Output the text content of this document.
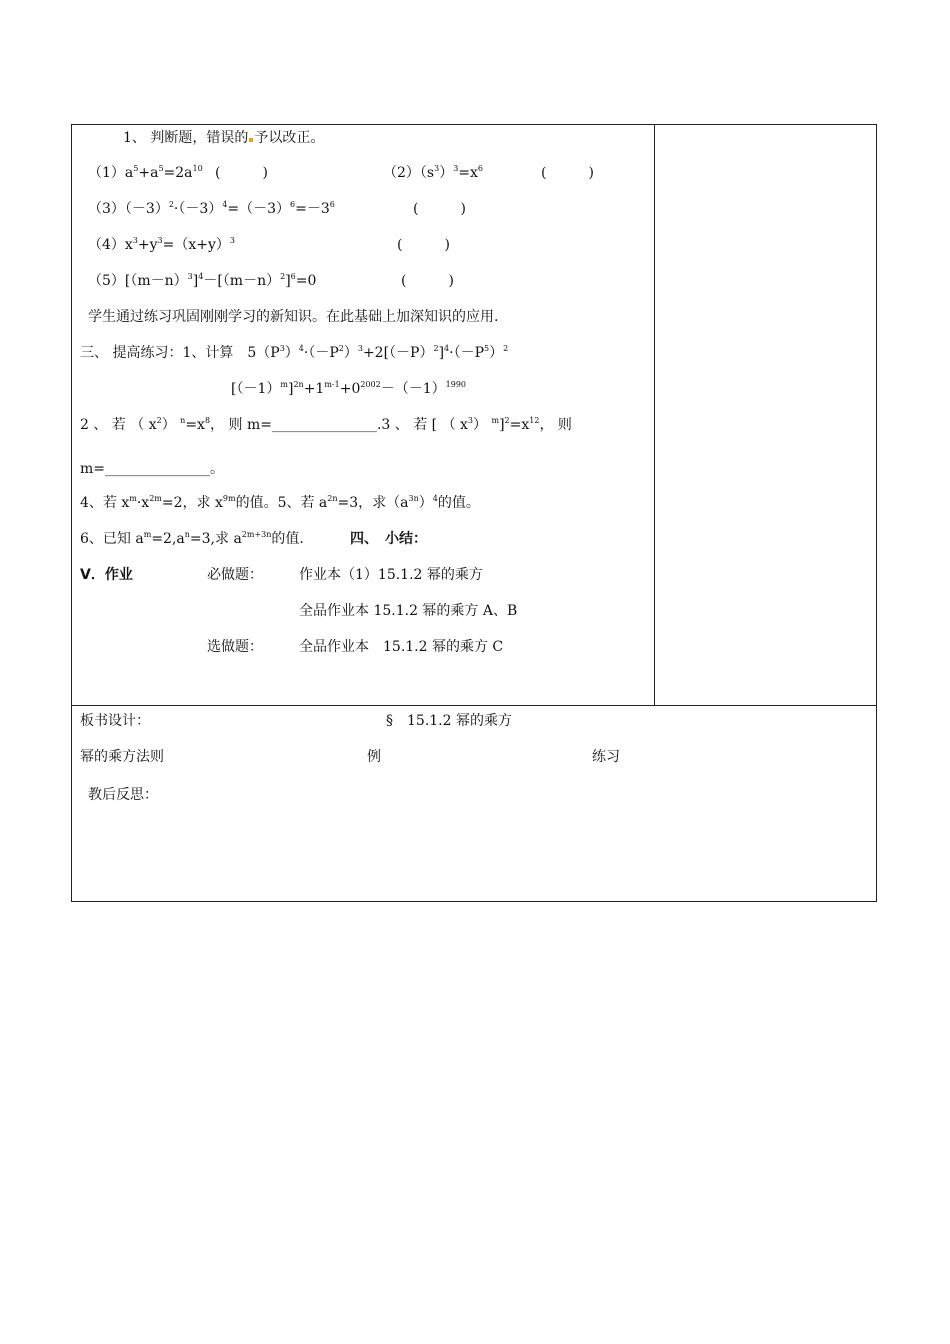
1、 判断题，错误的 予以改正。
$(1)a^5+a^5=2a^{10}$ (　　　)	$(2)(s^3)^3=x^6$	(　　　)
$(3)(-3)^2\cdot(-3)^4=(-3)^6=-3^6$	(　　　)
$(4)x^3+y^3=(x+y)^3$	(　　　)
$(5)[(m-n)^3]^4-[(m-n)^2]^6=0$	(　　　)
学生通过练习巩固刚刚学习的新知识。在此基础上加深知识的应用.
三、 提高练习：1、计算　$5(P^3)^4\cdot(-P^2)^3+2[(-P)^2]^4\cdot(-P^5)^2$
$[(-1)^m]^{2n}+1^{m-1}+0^{2002}-(-1)^{1990}$
2 、 若 （ $x^2$） $^n=x^8$， 则 m=_______________.3 、 若 [ （ $x^3$） $^m]^2=x^{12}$， 则
m=_______________。
4、若 $x^m\cdot x^{2m}=2$，求 $x^{9m}$的值。5、若 $a^{2n}=3$，求$(a^{3n})^4$的值。
6、已知 $a^m=2,a^n=3$,求 $a^{2m+3n}$的值.	四、　小结：
V．作业	必做题：	作业本（1）15.1.2 幂的乘方
全品作业本 15.1.2 幂的乘方 A、B
选做题：	全品作业本　15.1.2 幂的乘方 C
板书设计：	§　15.1.2 幂的乘方
幂的乘方法则	例	练习
教后反思：
